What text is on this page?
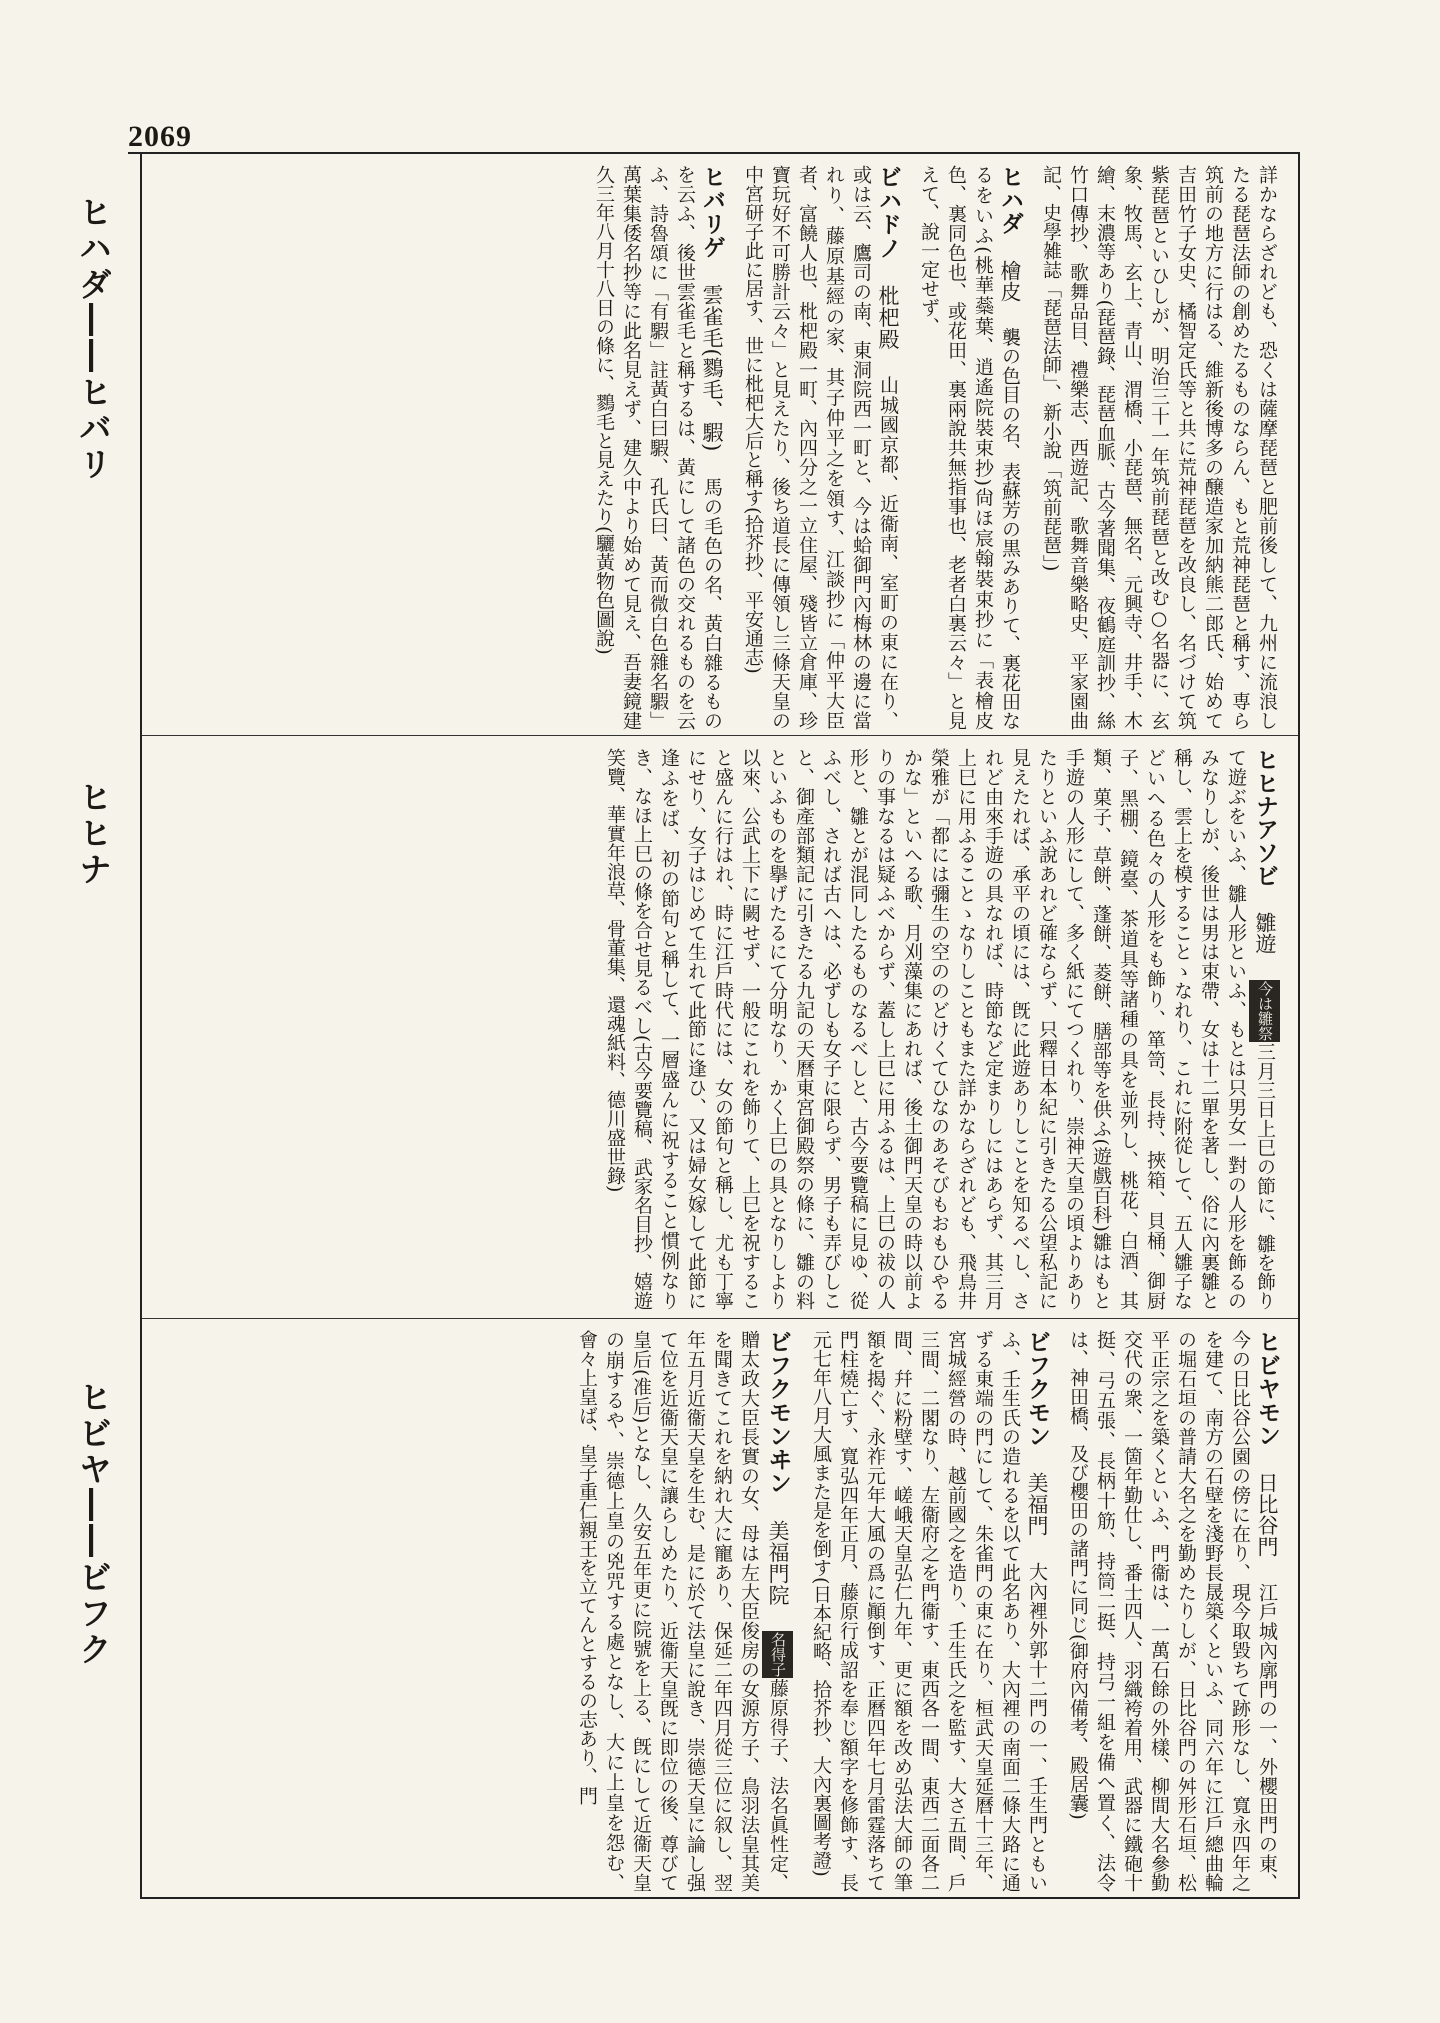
2069
ヒハダ――ヒバリ
ヒヒナ
ヒビヤ――ビフク

詳かならざれども、恐くは薩摩琵琶と肥前後して、九州に流浪したる琵琶法師の創めたるものならん、もと荒神琵琶と稱す、専ら筑前の地方に行はる、維新後博多の醸造家加納熊二郎氏、始めて吉田竹子女史、橘智定氏等と共に荒神琵琶を改良し、名づけて筑紫琵琶といひしが、明治三十一年筑前琵琶と改む○名器に、玄象、牧馬、玄上、青山、渭橋、小琵琶、無名、元興寺、井手、木繪、末濃等あり(琵琶錄、琵琶血脈、古今著聞集、夜鶴庭訓抄、絲竹口傳抄、歌舞品目、禮樂志、西遊記、歌舞音樂略史、平家園曲記、史學雑誌「琵琶法師」、新小說「筑前琵琶」)

ヒハダ檜皮襲の色目の名、表蘇芳の黒みありて、裏花田なるをいふ(桃華蘂葉、逍遙院裝束抄)尙ほ宸翰裝束抄に「表檜皮色、裏同色也、或花田、裏兩說共無指事也、老者白裏云々」と見えて、說一定せず、

ビハドノ枇杷殿山城國京都、近衞南、室町の東に在り、或は云、鷹司の南、東洞院西一町と、今は蛤御門內梅林の邊に當れり、藤原基經の家、其子仲平之を領す、江談抄に「仲平大臣者、富饒人也、枇杷殿一町、內四分之一立住屋、殘皆立倉庫、珍寶玩好不可勝計云々」と見えたり、後ち道長に傳領し三條天皇の中宮研子此に居す、世に枇杷大后と稱す(拾芥抄、平安通志)

ヒバリゲ雲雀毛(鷚毛、騢)馬の毛色の名、黃白雜るものを云ふ、後世雲雀毛と稱するは、黃にして諸色の交れるものを云ふ、詩魯頌に「有騢」註黃白曰騢、孔氏曰、黃而微白色雜名騢」萬葉集倭名抄等に此名見えず、建久中より始めて見え、吾妻鏡建久三年八月十八日の條に、鷚毛と見えたり(驪黃物色圖說)

ヒヒナアソビ雛遊今は雛祭三月三日上巳の節に、雛を飾りて遊ぶをいふ、雛人形といふ、もとは只男女一對の人形を飾るのみなりしが、後世は男は束帶、女は十二單を著し、俗に內裏雛と稱し、雲上を模することゝなれり、これに附從して、五人雛子などいへる色々の人形をも飾り、箪笥、長持、挾箱、貝桶、御厨子、黑棚、鏡臺、茶道具等諸種の具を並列し、桃花、白酒、其類、菓子、草餅、蓬餅、菱餅、膳部等を供ふ(遊戲百科)雛はもと手遊の人形にして、多く紙にてつくれり、崇神天皇の頃よりありたりといふ說あれど確ならず、只釋日本紀に引きたる公望私記に見えたれば、承平の頃には、旣に此遊ありしことを知るべし、されど由來手遊の具なれば、時節など定まりしにはあらず、其三月上巳に用ふることゝなりしこともまた詳かならざれども、飛鳥井榮雅が「都には彌生の空ののどけくてひなのあそびもおもひやるかな」といへる歌、月刈藻集にあれば、後土御門天皇の時以前よりの事なるは疑ふべからず、蓋し上巳に用ふるは、上巳の祓の人形と、雛とが混同したるものなるべしと、古今要覽稿に見ゆ、從ふべし、されば古へは、必ずしも女子に限らず、男子も弄びしこと、御產部類記に引きたる九記の天曆東宮御殿祭の條に、雛の料といふものを擧げたるにて分明なり、かく上巳の具となりしより以來、公武上下に闕せず、一般にこれを飾りて、上巳を祝すること盛んに行はれ、時に江戶時代には、女の節句と稱し、尤も丁寧にせり、女子はじめて生れて此節に逢ひ、又は婦女嫁して此節に逢ふをば、初の節句と稱して、一層盛んに祝すること慣例なりき、なほ上巳の條を合せ見るべし(古今要覽稿、武家名目抄、嬉遊笑覽、華實年浪草、骨董集、還魂紙料、德川盛世錄)

ヒビヤモン日比谷門江戶城內廓門の一、外櫻田門の東、今の日比谷公園の傍に在り、現今取毀ちて跡形なし、寬永四年之を建て、南方の石壁を淺野長晟築くといふ、同六年に江戶總曲輪の堀石垣の普請大名之を勤めたりしが、日比谷門の舛形石垣、松平正宗之を築くといふ、門衞は、一萬石餘の外樣、柳間大名參勤交代の衆、一箇年勤仕し、番士四人、羽織袴着用、武器に鐵砲十挺、弓五張、長柄十筋、持筒二挺、持弓一組を備へ置く、法令は、神田橋、及び櫻田の諸門に同じ(御府內備考、殿居囊)

ビフクモン美福門大內裡外郭十二門の一、壬生門ともいふ、壬生氏の造れるを以て此名あり、大內裡の南面二條大路に通ずる東端の門にして、朱雀門の東に在り、桓武天皇延曆十三年、宮城經營の時、越前國之を造り、壬生氏之を監す、大さ五間、戶三間、二閣なり、左衞府之を門衞す、東西各一間、東西二面各二間、幷に粉壁す、嵯峨天皇弘仁九年、更に額を改め弘法大師の筆額を揭ぐ、永祚元年大風の爲に顚倒す、正曆四年七月雷霆落ちて門柱燒亡す、寬弘四年正月、藤原行成詔を奉じ額字を修飾す、長元七年八月大風また是を倒す(日本紀略、拾芥抄、大內裏圖考證)

ビフクモンヰン美福門院名得子藤原得子、法名眞性定、贈太政大臣長實の女、母は左大臣俊房の女源方子、鳥羽法皇其美を聞きてこれを納れ大に寵あり、保延二年四月從三位に叙し、翌年五月近衞天皇を生む、是に於て法皇に說き、崇德天皇に論し强て位を近衞天皇に讓らしめたり、近衞天皇旣に即位の後、尊びて皇后(准后)となし、久安五年更に院號を上る、旣にして近衞天皇の崩するや、崇德上皇の兇咒する處となし、大に上皇を怨む、會々上皇ば、皇子重仁親王を立てんとするの志あり、門
